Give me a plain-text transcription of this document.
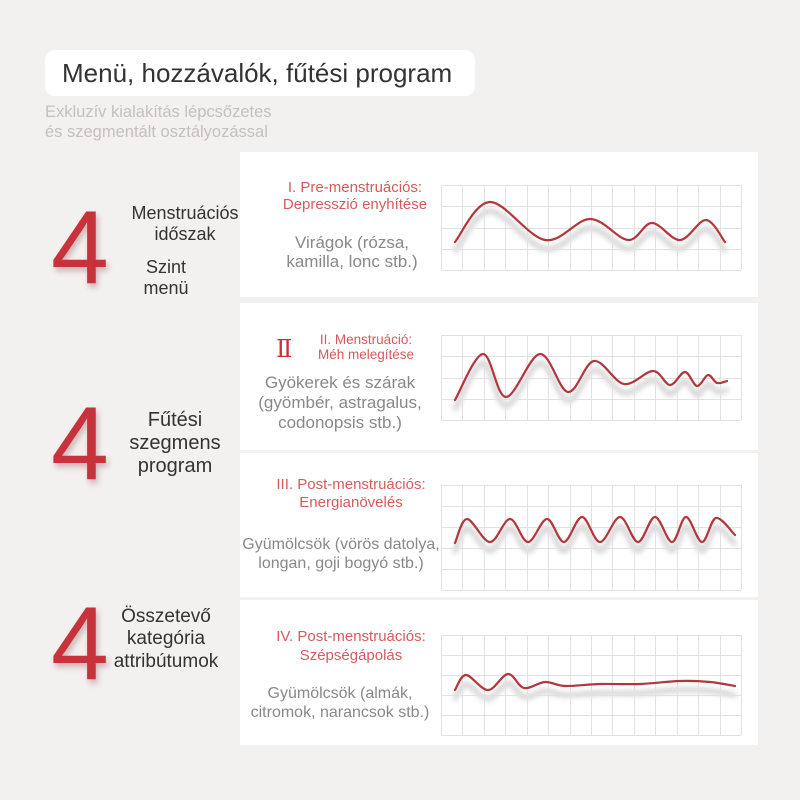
Menü, hozzávalók, fűtési program
Exkluzív kialakítás lépcsőzetes
és szegmentált osztályozással
I. Pre-menstruációs:
Depresszió enyhítése
Virágok (rózsa,
kamilla, lonc stb.)
Ⅱ	II. Menstruáció:
Méh melegítése
Gyökerek és szárak
(gyömbér, astragalus,
codonopsis stb.)
III. Post-menstruációs:
Energianövelés
Gyümölcsök (vörös datolya,
longan, goji bogyó stb.)
IV. Post-menstruációs:
Szépségápolás
Gyümölcsök (almák,
citromok, narancsok stb.)
4	Menstruációs
időszak
Szint
menü
4	Fűtési
szegmens
program
4 Összetevő
kategória
attribútumok
